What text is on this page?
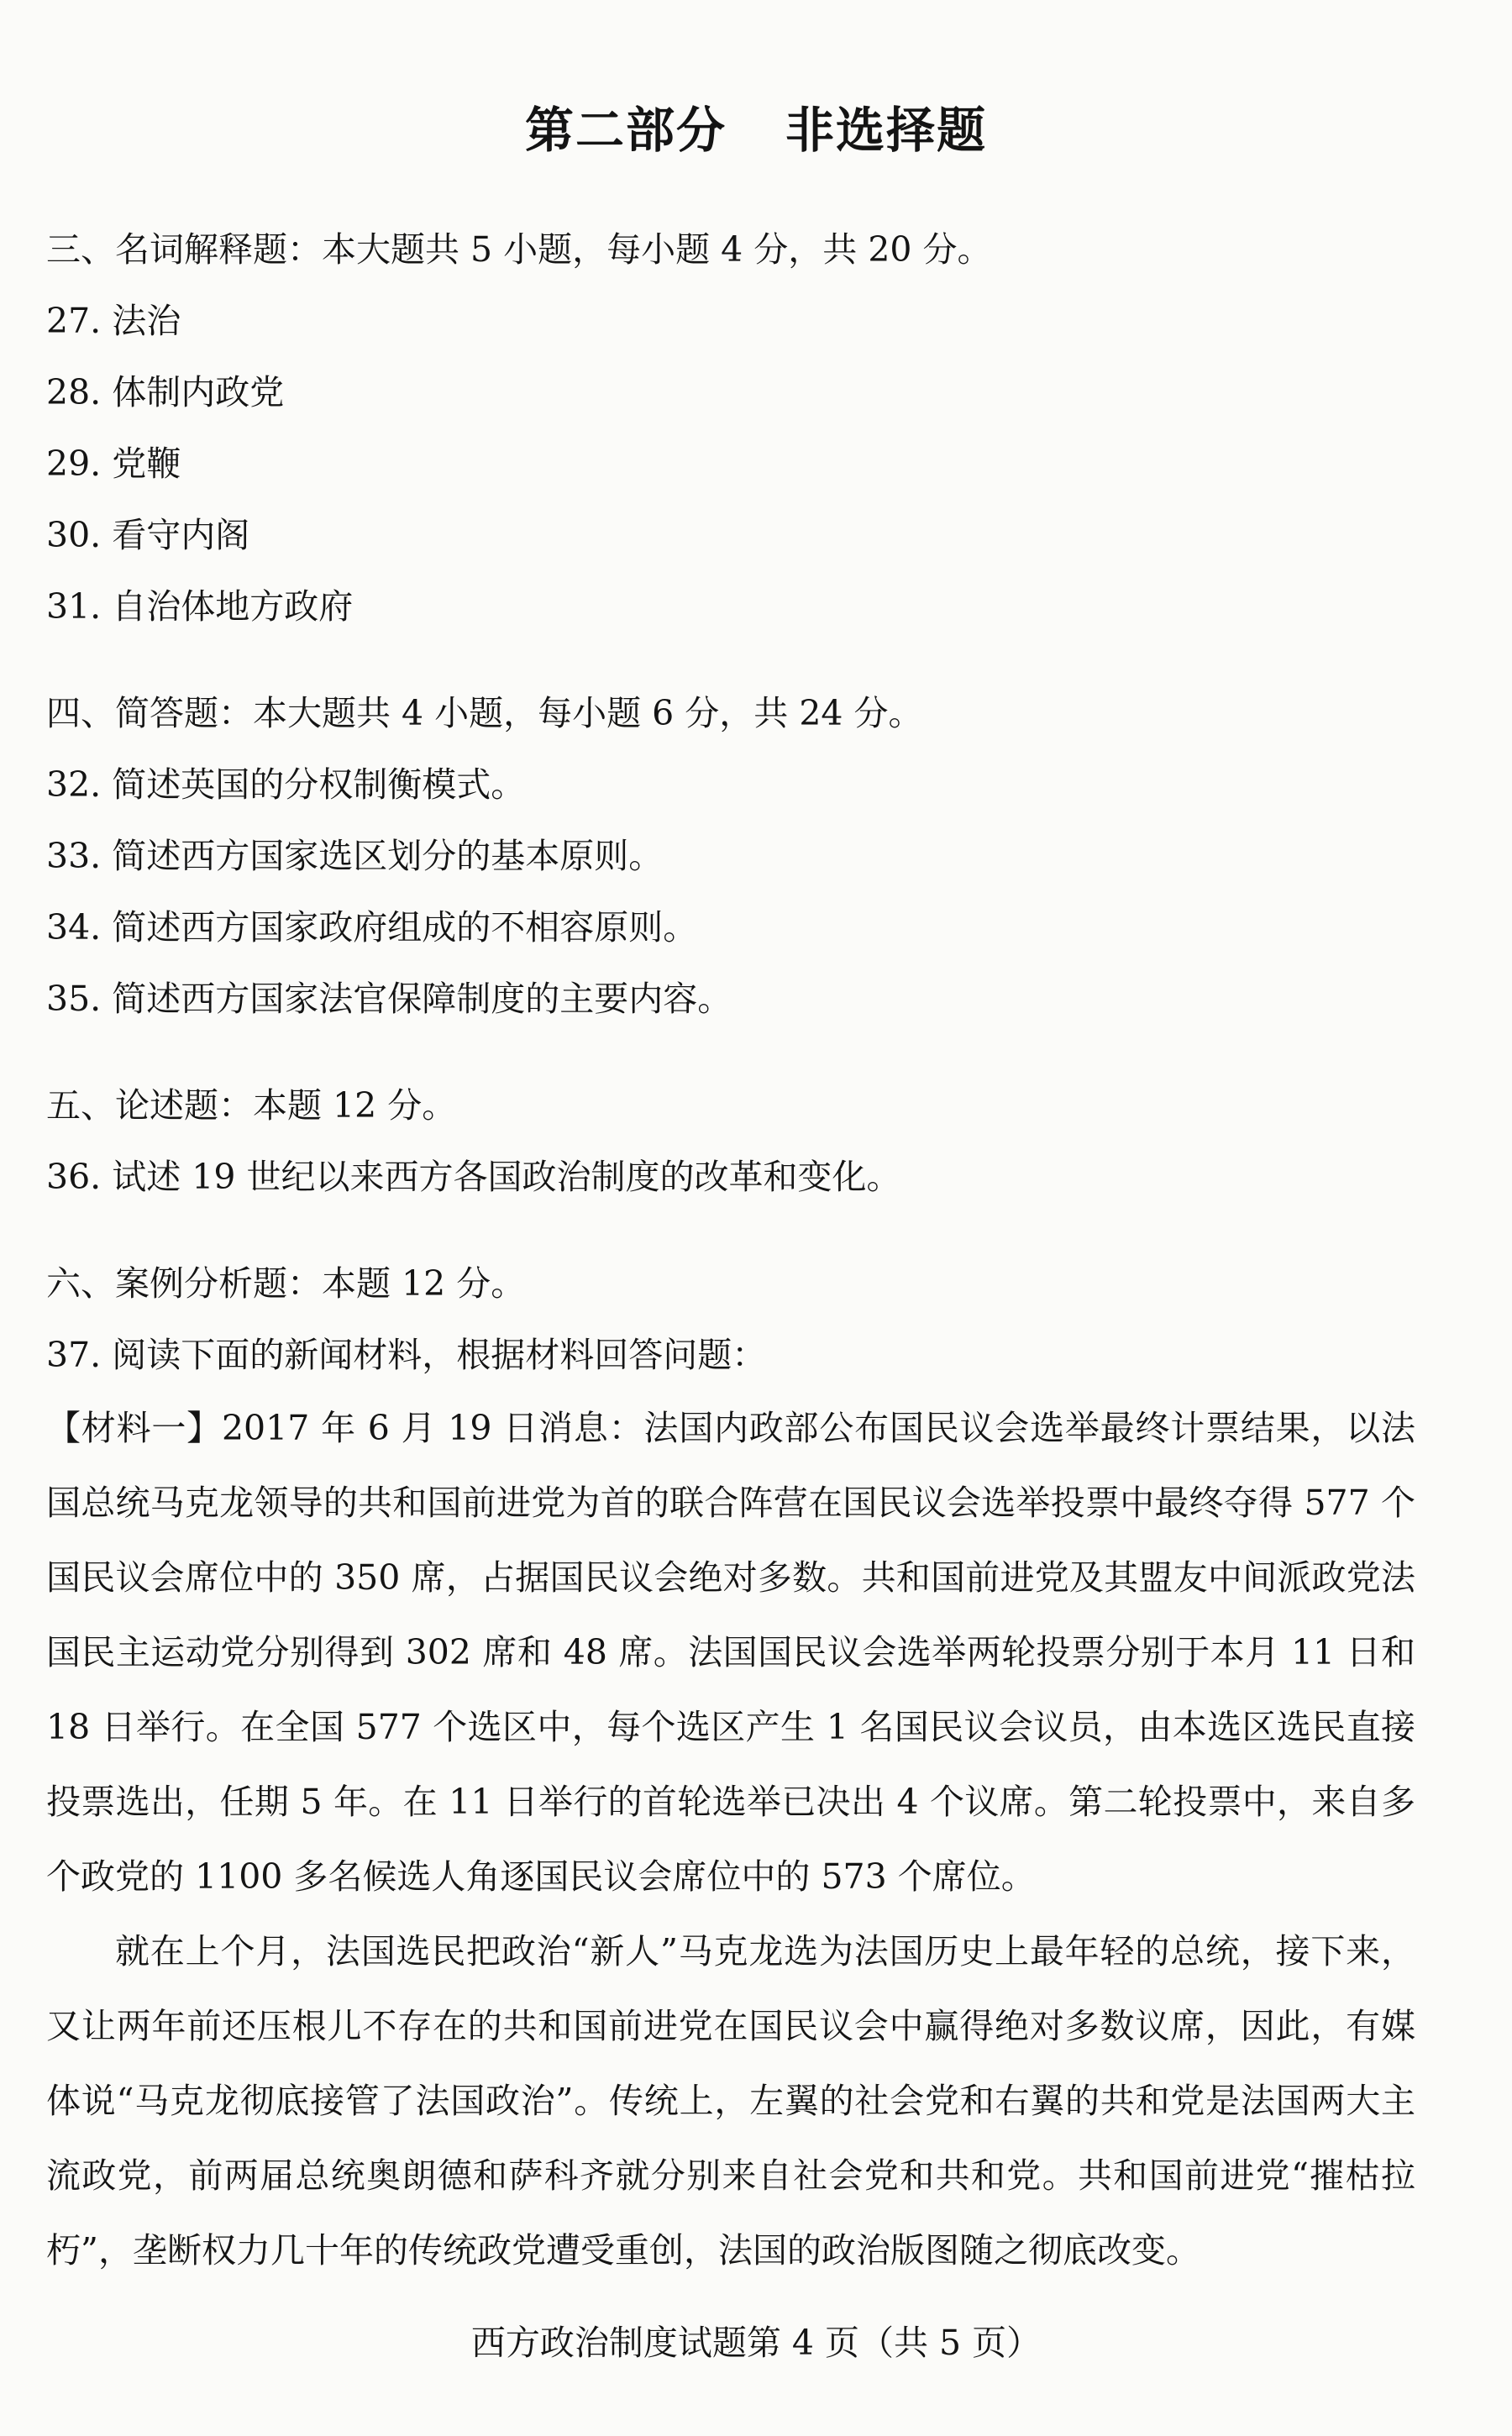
第二部分 非选择题
三、名词解释题：本大题共 5 小题，每小题 4 分，共 20 分。
27. 法治
28. 体制内政党
29. 党鞭
30. 看守内阁
31. 自治体地方政府
四、简答题：本大题共 4 小题，每小题 6 分，共 24 分。
32. 简述英国的分权制衡模式。
33. 简述西方国家选区划分的基本原则。
34. 简述西方国家政府组成的不相容原则。
35. 简述西方国家法官保障制度的主要内容。
五、论述题：本题 12 分。
36. 试述 19 世纪以来西方各国政治制度的改革和变化。
六、案例分析题：本题 12 分。
37. 阅读下面的新闻材料，根据材料回答问题：
【材料一】2017 年 6 月 19 日消息：法国内政部公布国民议会选举最终计票结果，以法国总统马克龙领导的共和国前进党为首的联合阵营在国民议会选举投票中最终夺得 577 个国民议会席位中的 350 席，占据国民议会绝对多数。共和国前进党及其盟友中间派政党法国民主运动党分别得到 302 席和 48 席。法国国民议会选举两轮投票分别于本月 11 日和 18 日举行。在全国 577 个选区中，每个选区产生 1 名国民议会议员，由本选区选民直接投票选出，任期 5 年。在 11 日举行的首轮选举已决出 4 个议席。第二轮投票中，来自多个政党的 1100 多名候选人角逐国民议会席位中的 573 个席位。
就在上个月，法国选民把政治“新人”马克龙选为法国历史上最年轻的总统，接下来，又让两年前还压根儿不存在的共和国前进党在国民议会中赢得绝对多数议席，因此，有媒体说“马克龙彻底接管了法国政治”。传统上，左翼的社会党和右翼的共和党是法国两大主流政党，前两届总统奥朗德和萨科齐就分别来自社会党和共和党。共和国前进党“摧枯拉朽”，垄断权力几十年的传统政党遭受重创，法国的政治版图随之彻底改变。
西方政治制度试题第 4 页（共 5 页）
